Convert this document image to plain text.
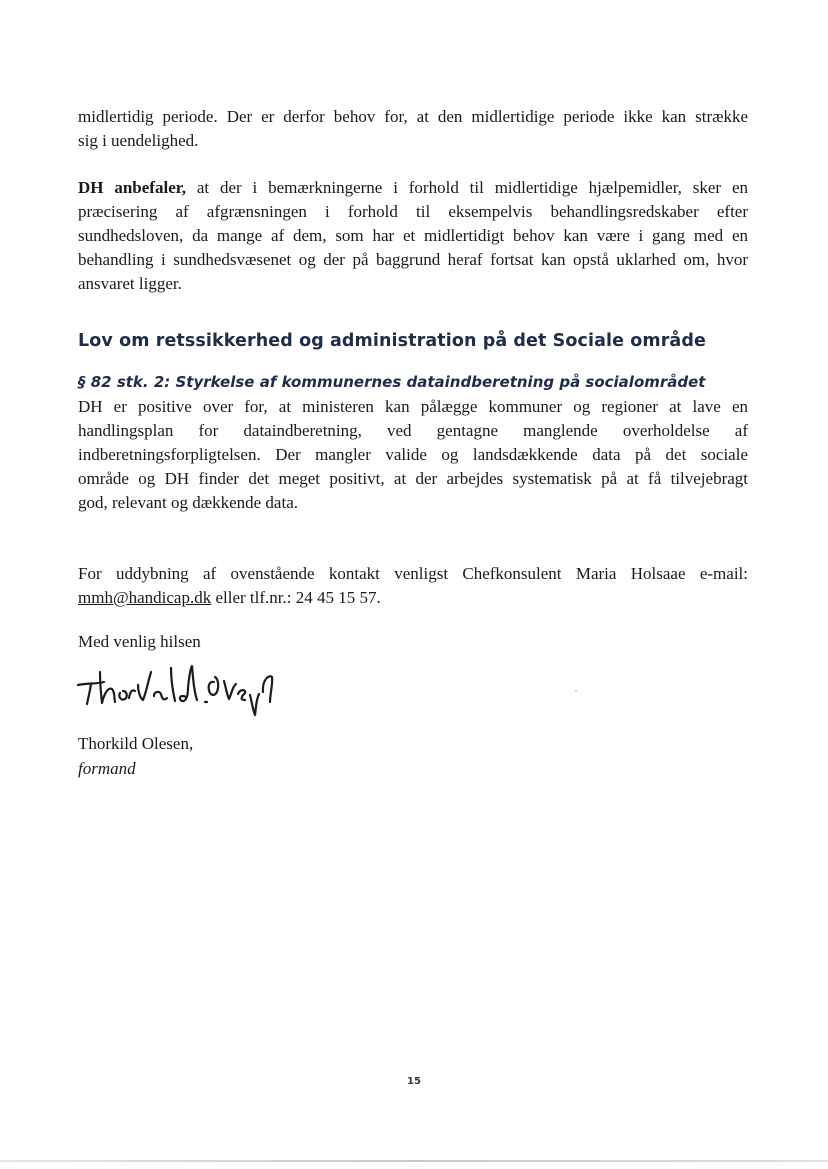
midlertidig periode. Der er derfor behov for, at den midlertidige periode ikke kan strække
sig i uendelighed.
DH anbefaler, at der i bemærkningerne i forhold til midlertidige hjælpemidler, sker en
præcisering af afgrænsningen i forhold til eksempelvis behandlingsredskaber efter
sundhedsloven, da mange af dem, som har et midlertidigt behov kan være i gang med en
behandling i sundhedsvæsenet og der på baggrund heraf fortsat kan opstå uklarhed om, hvor
ansvaret ligger.
Lov om retssikkerhed og administration på det Sociale område
§ 82 stk. 2: Styrkelse af kommunernes dataindberetning på socialområdet
DH er positive over for, at ministeren kan pålægge kommuner og regioner at lave en
handlingsplan for dataindberetning, ved gentagne manglende overholdelse af
indberetningsforpligtelsen. Der mangler valide og landsdækkende data på det sociale
område og DH finder det meget positivt, at der arbejdes systematisk på at få tilvejebragt
god, relevant og dækkende data.
For uddybning af ovenstående kontakt venligst Chefkonsulent Maria Holsaae e-mail:
mmh@handicap.dk eller tlf.nr.: 24 45 15 57.
Med venlig hilsen
Thorkild Olesen,
formand
15
